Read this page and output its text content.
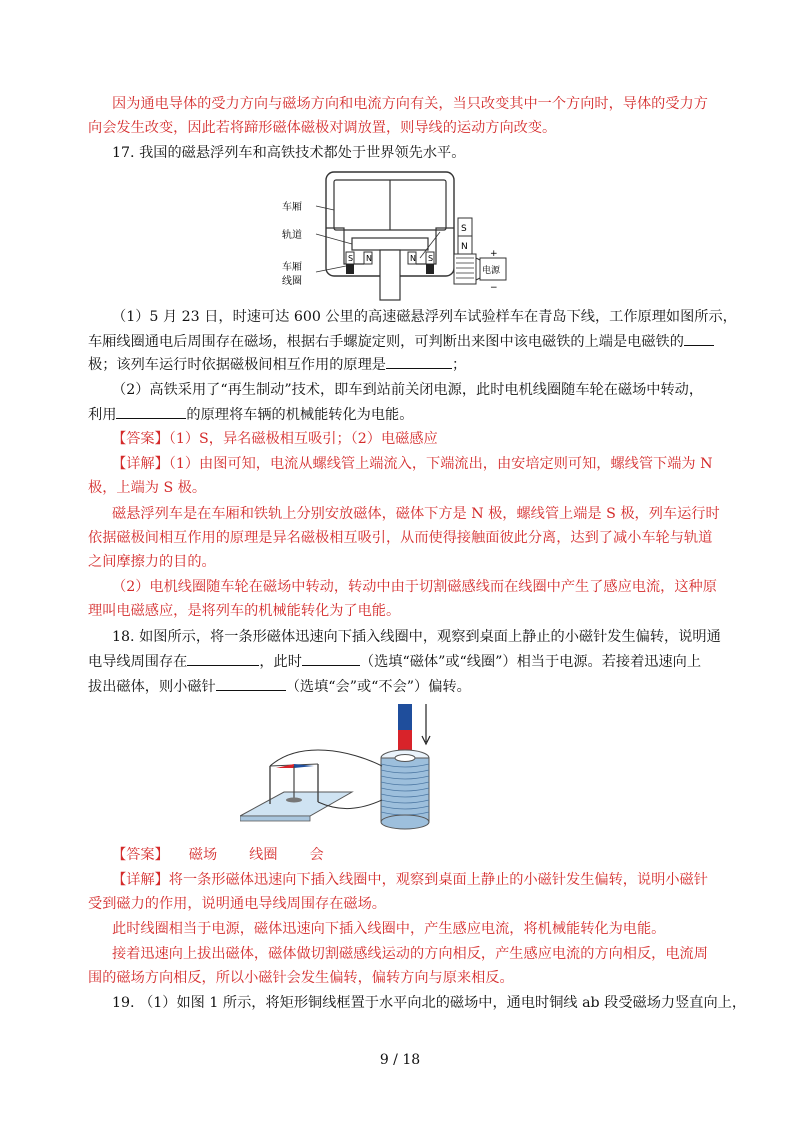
因为通电导体的受力方向与磁场方向和电流方向有关，当只改变其中一个方向时，导体的受力方
向会发生改变，因此若将蹄形磁体磁极对调放置，则导线的运动方向改变。
17. 我国的磁悬浮列车和高铁技术都处于世界领先水平。
S	S
N	N
车厢
轨道
车厢
线圈
S
N
电源
+
−
（1）5 月 23 日，时速可达 600 公里的高速磁悬浮列车试验样车在青岛下线，工作原理如图所示，
车厢线圈通电后周围存在磁场，根据右手螺旋定则，可判断出来图中该电磁铁的上端是电磁铁的
极；该列车运行时依据磁极间相互作用的原理是	；
（2）高铁采用了“再生制动”技术，即车到站前关闭电源，此时电机线圈随车轮在磁场中转动，
利用	的原理将车辆的机械能转化为电能。
【答案】（1）S，异名磁极相互吸引；（2）电磁感应
【详解】（1）由图可知，电流从螺线管上端流入，下端流出，由安培定则可知，螺线管下端为 N
极，上端为 S 极。
磁悬浮列车是在车厢和铁轨上分别安放磁体，磁体下方是 N 极，螺线管上端是 S 极，列车运行时
依据磁极间相互作用的原理是异名磁极相互吸引，从而使得接触面彼此分离，达到了减小车轮与轨道
之间摩擦力的目的。
（2）电机线圈随车轮在磁场中转动，转动中由于切割磁感线而在线圈中产生了感应电流，这种原
理叫电磁感应，是将列车的机械能转化为了电能。
18. 如图所示，将一条形磁体迅速向下插入线圈中，观察到桌面上静止的小磁针发生偏转，说明通
电导线周围存在	，此时	（选填“磁体”或“线圈”）相当于电源。若接着迅速向上
拔出磁体，则小磁针	（选填“会”或“不会”）偏转。
【答案】 磁场 线圈 会
【详解】将一条形磁体迅速向下插入线圈中，观察到桌面上静止的小磁针发生偏转，说明小磁针
受到磁力的作用，说明通电导线周围存在磁场。
此时线圈相当于电源，磁体迅速向下插入线圈中，产生感应电流，将机械能转化为电能。
接着迅速向上拔出磁体，磁体做切割磁感线运动的方向相反，产生感应电流的方向相反，电流周
围的磁场方向相反，所以小磁针会发生偏转，偏转方向与原来相反。
19. （1）如图 1 所示，将矩形铜线框置于水平向北的磁场中，通电时铜线 ab 段受磁场力竖直向上，
9 / 18
